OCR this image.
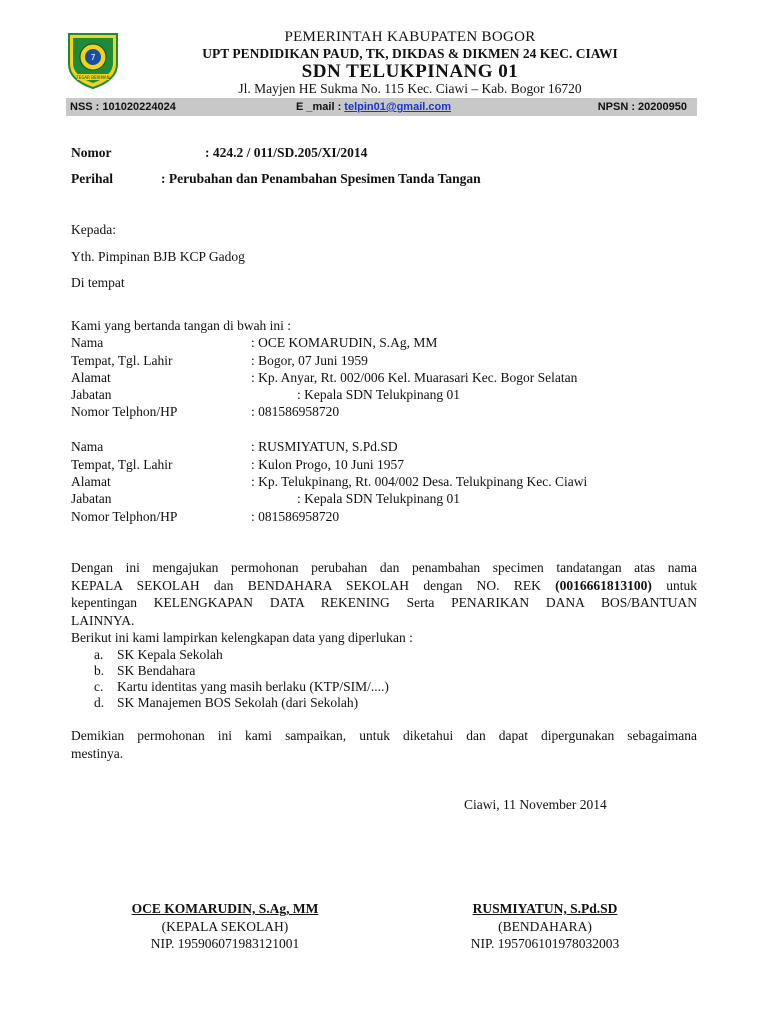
7
TEGAR BERIMAN
PEMERINTAH KABUPATEN BOGOR
UPT PENDIDIKAN PAUD, TK, DIKDAS & DIKMEN 24 KEC. CIAWI
SDN TELUKPINANG 01
Jl. Mayjen HE Sukma No. 115 Kec. Ciawi – Kab. Bogor 16720
NSS : 101020224024	E _mail : telpin01@gmail.com	NPSN : 20200950
Nomor	: 424.2 / 011/SD.205/XI/2014
Perihal	: Perubahan dan Penambahan Spesimen Tanda Tangan
Kepada:
Yth. Pimpinan BJB KCP Gadog
Di tempat
Kami yang bertanda tangan di bwah ini :
Nama	: OCE KOMARUDIN, S.Ag, MM
Tempat, Tgl. Lahir	: Bogor, 07 Juni 1959
Alamat	: Kp. Anyar, Rt. 002/006 Kel. Muarasari Kec. Bogor Selatan
Jabatan	: Kepala SDN Telukpinang 01
Nomor Telphon/HP	: 081586958720
Nama	: RUSMIYATUN, S.Pd.SD
Tempat, Tgl. Lahir	: Kulon Progo, 10 Juni 1957
Alamat	: Kp. Telukpinang, Rt. 004/002 Desa. Telukpinang Kec. Ciawi
Jabatan	: Kepala SDN Telukpinang 01
Nomor Telphon/HP	: 081586958720
Dengan ini mengajukan permohonan perubahan dan penambahan specimen tandatangan atas nama
KEPALA SEKOLAH dan BENDAHARA SEKOLAH dengan NO. REK (0016661813100) untuk
kepentingan KELENGKAPAN DATA REKENING Serta PENARIKAN DANA BOS/BANTUAN
LAINNYA.
Berikut ini kami lampirkan kelengkapan data yang diperlukan :
a. SK Kepala Sekolah
b. SK Bendahara
c. Kartu identitas yang masih berlaku (KTP/SIM/....)
d. SK Manajemen BOS Sekolah (dari Sekolah)
Demikian permohonan ini kami sampaikan, untuk diketahui dan dapat dipergunakan sebagaimana
mestinya.
Ciawi, 11 November 2014
OCE KOMARUDIN, S.Ag, MM
(KEPALA SEKOLAH)
NIP. 195906071983121001
RUSMIYATUN, S.Pd.SD
(BENDAHARA)
NIP. 195706101978032003
